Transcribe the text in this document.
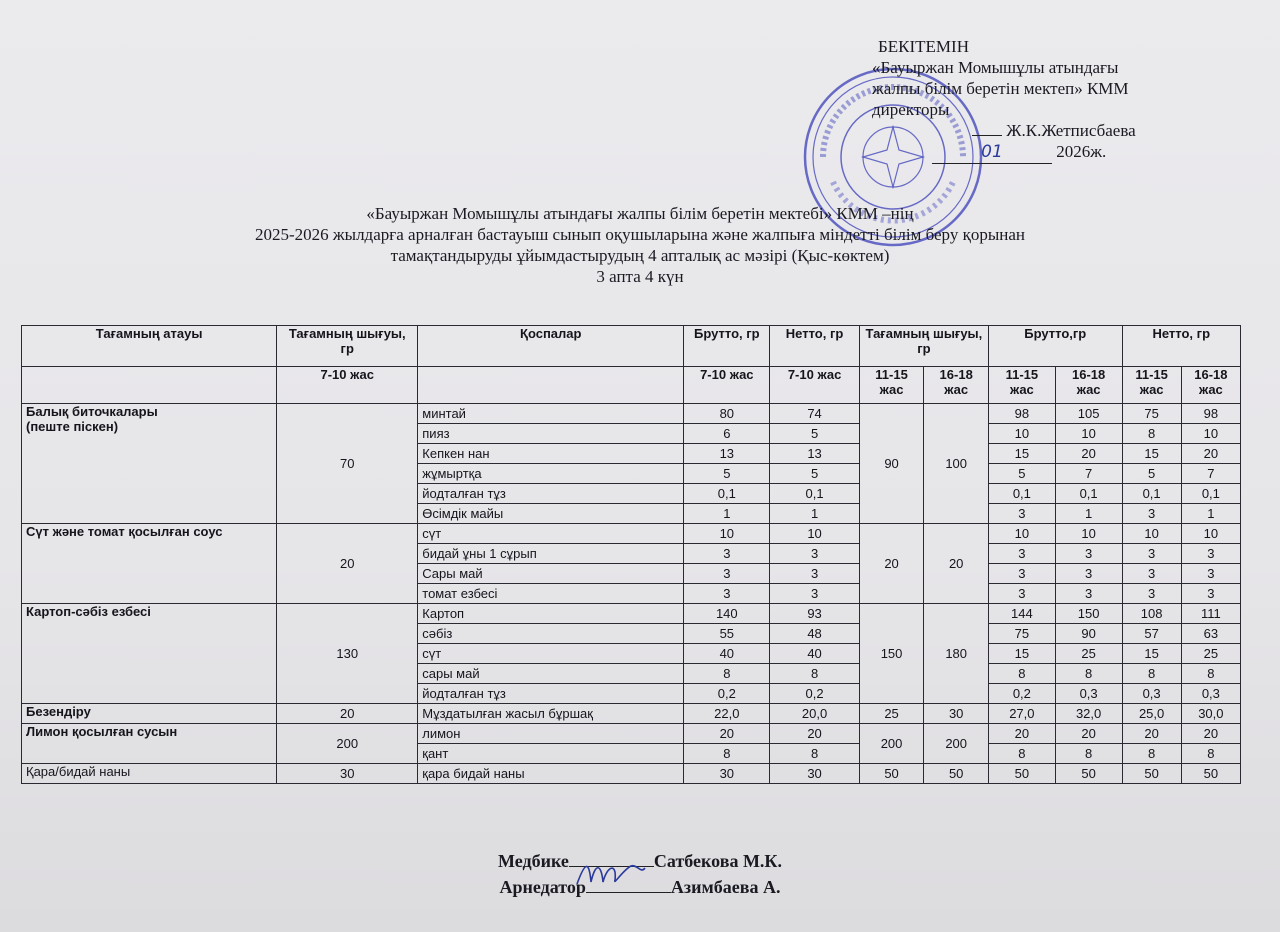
БЕКІТЕМІН
«Бауыржан Момышұлы атындағы
жалпы білім беретін мектеп» КММ
директоры
Ж.К.Жетписбаева
01	2026ж.
«Бауыржан Момышұлы атындағы жалпы білім беретін мектебі» КММ –нің
2025-2026 жылдарға арналған бастауыш сынып оқушыларына және жалпыға міндетті білім беру қорынан
тамақтандыруды ұйымдастырудың 4 апталық ас мәзірі (Қыс-көктем)
3 апта 4 күн
Тағамның атауы	Тағамның шығуы, гр	Қоспалар	Брутто, гр	Нетто, гр	Тағамның шығуы, гр		Брутто,гр		Нетто, гр	
	7-10 жас		7-10 жас	7-10 жас	11-15 жас	16-18 жас	11-15 жас	16-18 жас	11-15 жас	16-18 жас
Балық биточкалары
(пеште піскен)	70	минтай	80	74	90	100	98	105	75	98
		пияз	6	5			10	10	8	10
		Кепкен нан	13	13			15	20	15	20
		жұмыртқа	5	5			5	7	5	7
		йодталған тұз	0,1	0,1			0,1	0,1	0,1	0,1
		Өсімдік майы	1	1			3	1	3	1
Сүт және томат қосылған соус	20	сүт	10	10	20	20	10	10	10	10
		бидай ұны 1 сұрып	3	3			3	3	3	3
		Сары май	3	3			3	3	3	3
		томат езбесі	3	3			3	3	3	3
Картоп-сәбіз езбесі	130	Картоп	140	93	150	180	144	150	108	111
		сәбіз	55	48			75	90	57	63
		сүт	40	40			15	25	15	25
		сары май	8	8			8	8	8	8
		йодталған тұз	0,2	0,2			0,2	0,3	0,3	0,3
Безендіру	20	Мұздатылған жасыл бұршақ	22,0	20,0	25	30	27,0	32,0	25,0	30,0
Лимон қосылған сусын	200	лимон	20	20	200	200	20	20	20	20
		қант	8	8			8	8	8	8
Қара/бидай наны	30	қара бидай наны	30	30	50	50	50	50	50	50
Медбике	Сатбекова М.К.
Арнедатор	Азимбаева А.
